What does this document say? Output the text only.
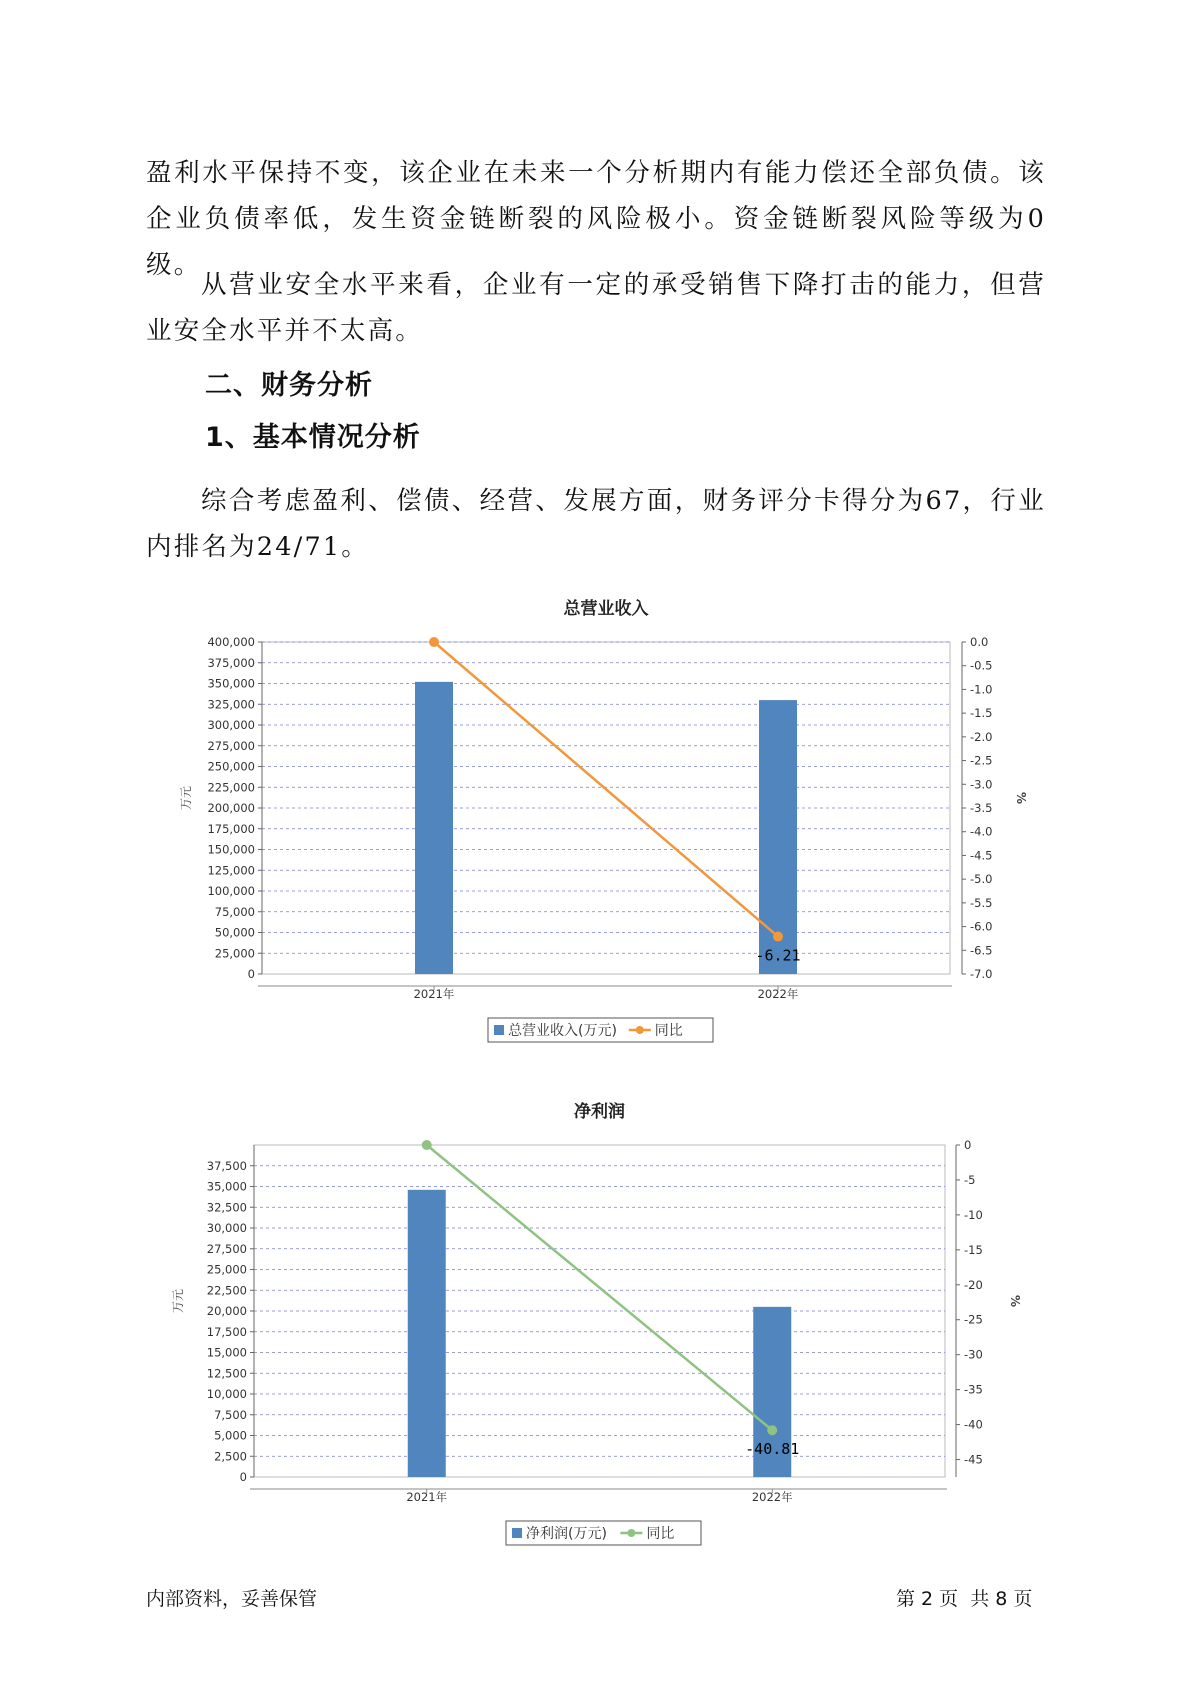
盈利水平保持不变，该企业在未来一个分析期内有能力偿还全部负债。该企业负债率低，发生资金链断裂的风险极小。资金链断裂风险等级为0级。

从营业安全水平来看，企业有一定的承受销售下降打击的能力，但营业安全水平并不太高。

二、财务分析
1、基本情况分析

综合考虑盈利、偿债、经营、发展方面，财务评分卡得分为67，行业内排名为24/71。

总营业收入
0
25,000
50,000
75,000
100,000
125,000
150,000
175,000
200,000
225,000
250,000
275,000
300,000
325,000
350,000
375,000
400,000
万元
0.0
-0.5
-1.0
-1.5
-2.0
-2.5
-3.0
-3.5
-4.0
-4.5
-5.0
-5.5
-6.0
-6.5
-7.0
%
2021年	2022年
-6.21
总营业收入(万元)	同比
净利润
0
2,500
5,000
7,500
10,000
12,500
15,000
17,500
20,000
22,500
25,000
27,500
30,000
32,500
35,000
37,500
万元
0
-5
-10
-15
-20
-25
-30
-35
-40
-45
%
2021年	2022年
-40.81
净利润(万元)	同比
内部资料，妥善保管	第 2 页  共 8 页
